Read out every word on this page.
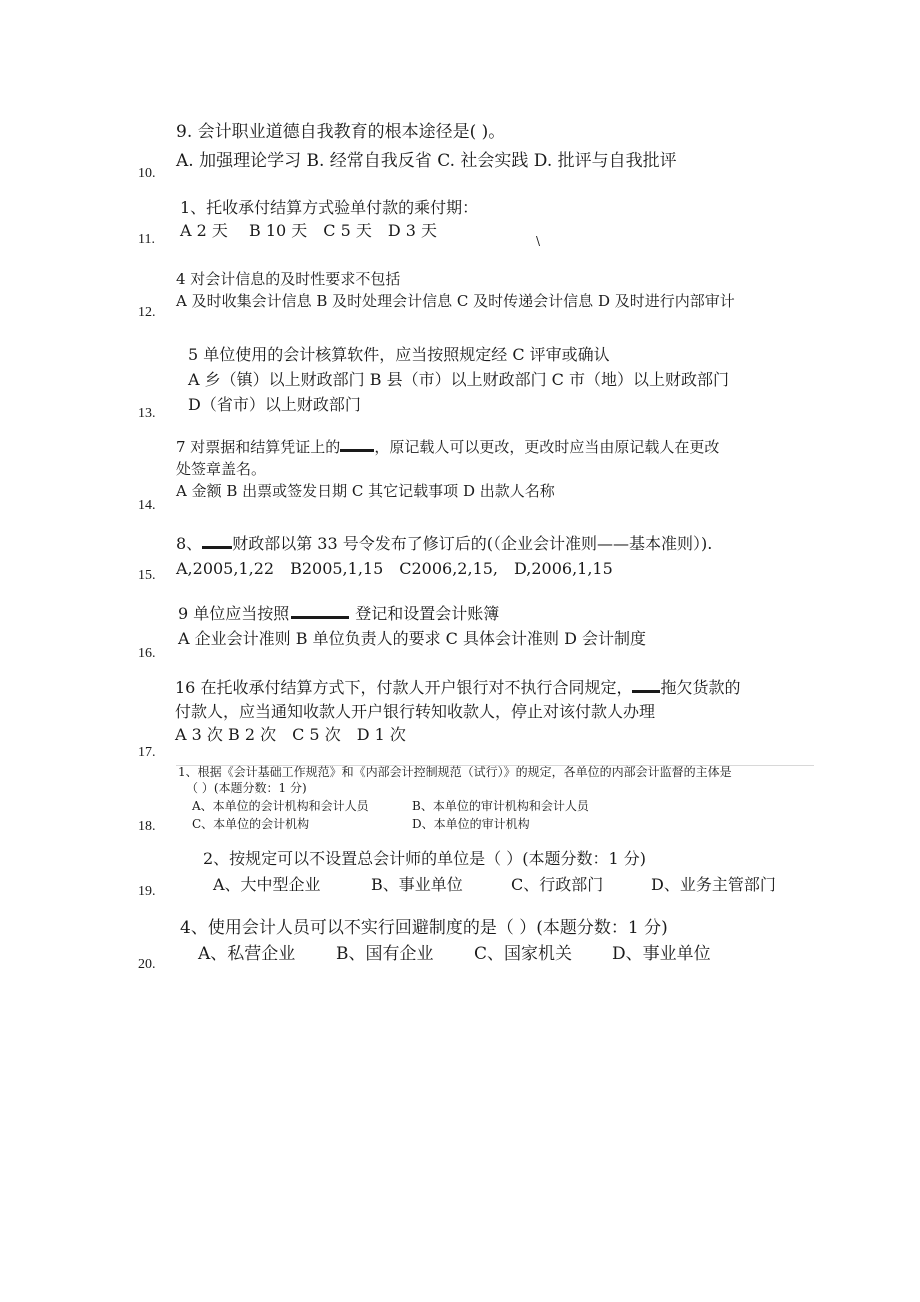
9. 会计职业道德自我教育的根本途径是( )。
A. 加强理论学习 B. 经常自我反省 C. 社会实践 D. 批评与自我批评
10.
1、托收承付结算方式验单付款的乘付期：
A 2 天　 B 10 天　C 5 天　D 3 天
11.	\
4 对会计信息的及时性要求不包括
A 及时收集会计信息 B 及时处理会计信息 C 及时传递会计信息 D 及时进行内部审计
12.
5 单位使用的会计核算软件，应当按照规定经 C 评审或确认
A 乡（镇）以上财政部门 B 县（市）以上财政部门 C 市（地）以上财政部门
D（省市）以上财政部门
13.
7 对票据和结算凭证上的 ，原记载人可以更改，更改时应当由原记载人在更改
处签章盖名。
A 金额 B 出票或签发日期 C 其它记载事项 D 出款人名称
14.
8、 财政部以第 33 号令发布了修订后的(（企业会计准则——基本准则）).
A,2005,1,22　B2005,1,15　C2006,2,15,　D,2006,1,15
15.
9 单位应当按照	登记和设置会计账簿
A 企业会计准则 B 单位负责人的要求 C 具体会计准则 D 会计制度
16.
16 在托收承付结算方式下，付款人开户银行对不执行合同规定， 拖欠货款的
付款人，应当通知收款人开户银行转知收款人，停止对该付款人办理
A 3 次 B 2 次　C 5 次　D 1 次
17.
1、根据《会计基础工作规范》和《内部会计控制规范（试行）》的规定，各单位的内部会计监督的主体是
（ ）(本题分数：1 分)
A、本单位的会计机构和会计人员	B、本单位的审计机构和会计人员
C、本单位的会计机构	D、本单位的审计机构
18.
2、按规定可以不设置总会计师的单位是（ ）(本题分数：1 分)
A、大中型企业	B、事业单位	C、行政部门	D、业务主管部门
19.
4、使用会计人员可以不实行回避制度的是（ ）(本题分数：1 分)
A、私营企业 B、国有企业 C、国家机关 D、事业单位
20.
